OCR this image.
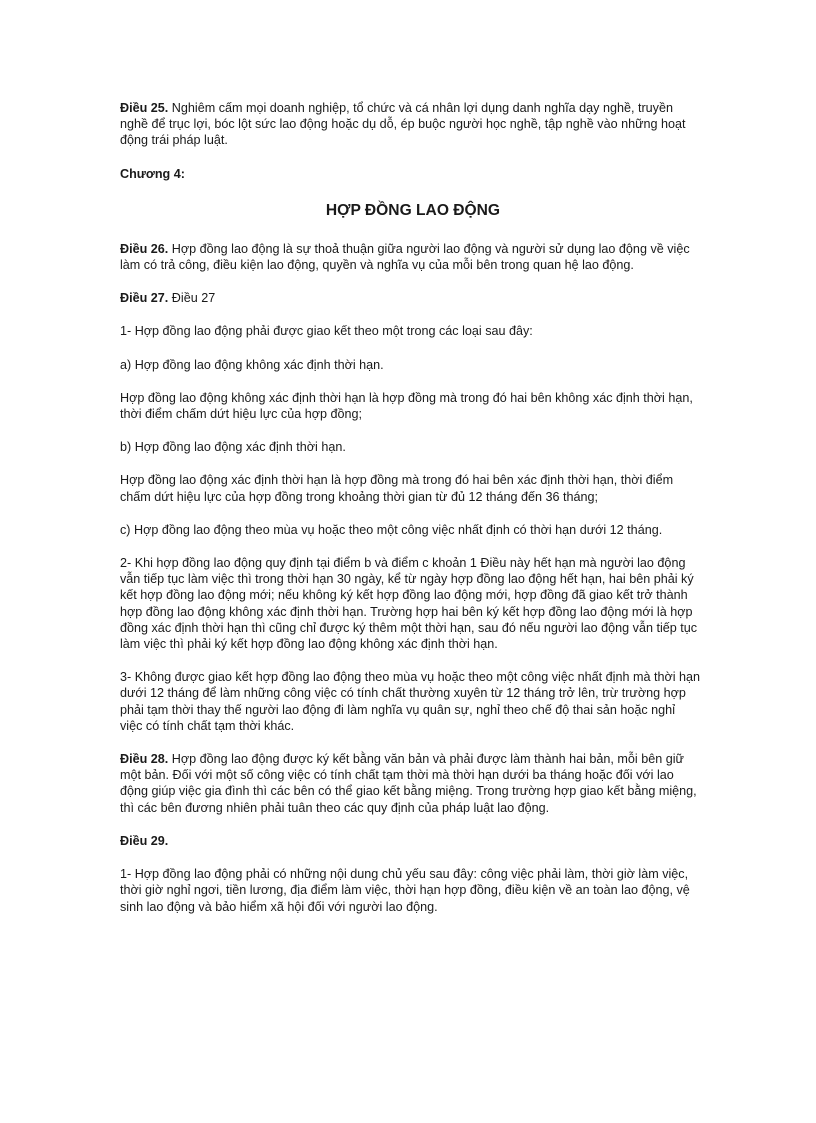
Điều 25. Nghiêm cấm mọi doanh nghiệp, tổ chức và cá nhân lợi dụng danh nghĩa dạy nghề, truyền nghề để trục lợi, bóc lột sức lao động hoặc dụ dỗ, ép buộc người học nghề, tập nghề vào những hoạt động trái pháp luật.

Chương 4:

HỢP ĐỒNG LAO ĐỘNG

Điều 26. Hợp đồng lao động là sự thoả thuận giữa người lao động và người sử dụng lao động về việc làm có trả công, điều kiện lao động, quyền và nghĩa vụ của mỗi bên trong quan hệ lao động.

Điều 27. Điều 27

1- Hợp đồng lao động phải được giao kết theo một trong các loại sau đây:

a) Hợp đồng lao động không xác định thời hạn.

Hợp đồng lao động không xác định thời hạn là hợp đồng mà trong đó hai bên không xác định thời hạn, thời điểm chấm dứt hiệu lực của hợp đồng;

b) Hợp đồng lao động xác định thời hạn.

Hợp đồng lao động xác định thời hạn là hợp đồng mà trong đó hai bên xác định thời hạn, thời điểm chấm dứt hiệu lực của hợp đồng trong khoảng thời gian từ đủ 12 tháng đến 36 tháng;

c) Hợp đồng lao động theo mùa vụ hoặc theo một công việc nhất định có thời hạn dưới 12 tháng.

2- Khi hợp đồng lao động quy định tại điểm b và điểm c khoản 1 Điều này hết hạn mà người lao động vẫn tiếp tục làm việc thì trong thời hạn 30 ngày, kể từ ngày hợp đồng lao động hết hạn, hai bên phải ký kết hợp đồng lao động mới; nếu không ký kết hợp đồng lao động mới, hợp đồng đã giao kết trở thành hợp đồng lao động không xác định thời hạn. Trường hợp hai bên ký kết hợp đồng lao động mới là hợp đồng xác định thời hạn thì cũng chỉ được ký thêm một thời hạn, sau đó nếu người lao động vẫn tiếp tục làm việc thì phải ký kết hợp đồng lao động không xác định thời hạn.

3- Không được giao kết hợp đồng lao động theo mùa vụ hoặc theo một công việc nhất định mà thời hạn dưới 12 tháng để làm những công việc có tính chất thường xuyên từ 12 tháng trở lên, trừ trường hợp phải tạm thời thay thế người lao động đi làm nghĩa vụ quân sự, nghỉ theo chế độ thai sản hoặc nghỉ việc có tính chất tạm thời khác.

Điều 28. Hợp đồng lao động được ký kết bằng văn bản và phải được làm thành hai bản, mỗi bên giữ một bản. Đối với một số công việc có tính chất tạm thời mà thời hạn dưới ba tháng hoặc đối với lao động giúp việc gia đình thì các bên có thể giao kết bằng miệng. Trong trường hợp giao kết bằng miệng, thì các bên đương nhiên phải tuân theo các quy định của pháp luật lao động.

Điều 29.

1- Hợp đồng lao động phải có những nội dung chủ yếu sau đây: công việc phải làm, thời giờ làm việc, thời giờ nghỉ ngơi, tiền lương, địa điểm làm việc, thời hạn hợp đồng, điều kiện về an toàn lao động, vệ sinh lao động và bảo hiểm xã hội đối với người lao động.
